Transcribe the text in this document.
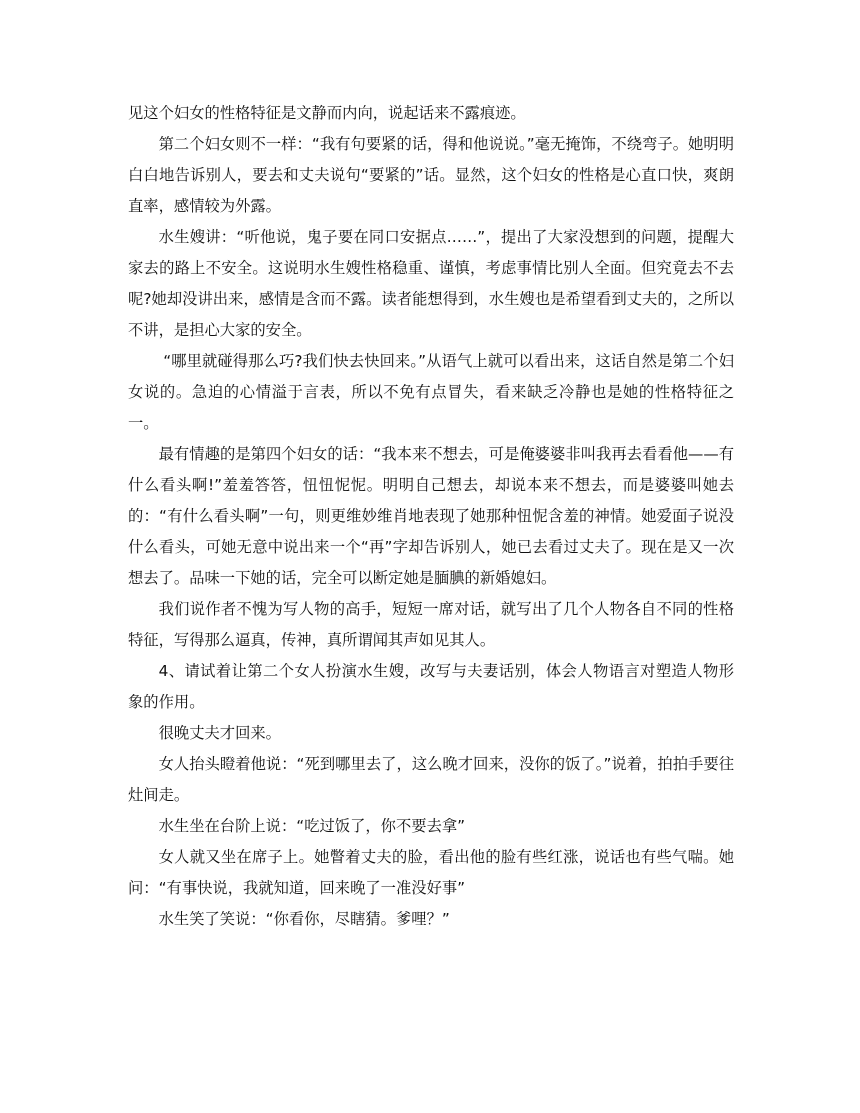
见这个妇女的性格特征是文静而内向，说起话来不露痕迹。

第二个妇女则不一样：“我有句要紧的话，得和他说说。”毫无掩饰，不绕弯子。她明明白白地告诉别人，要去和丈夫说句“要紧的”话。显然，这个妇女的性格是心直口快，爽朗直率，感情较为外露。

水生嫂讲：“听他说，鬼子要在同口安据点……”，提出了大家没想到的问题，提醒大家去的路上不安全。这说明水生嫂性格稳重、谨慎，考虑事情比别人全面。但究竟去不去呢?她却没讲出来，感情是含而不露。读者能想得到，水生嫂也是希望看到丈夫的，之所以不讲，是担心大家的安全。

“哪里就碰得那么巧?我们快去快回来。”从语气上就可以看出来，这话自然是第二个妇女说的。急迫的心情溢于言表，所以不免有点冒失，看来缺乏冷静也是她的性格特征之一。

最有情趣的是第四个妇女的话：“我本来不想去，可是俺婆婆非叫我再去看看他——有什么看头啊!”羞羞答答，忸忸怩怩。明明自己想去，却说本来不想去，而是婆婆叫她去的：“有什么看头啊”一句，则更维妙维肖地表现了她那种忸怩含羞的神情。她爱面子说没什么看头，可她无意中说出来一个“再”字却告诉别人，她已去看过丈夫了。现在是又一次想去了。品味一下她的话，完全可以断定她是腼腆的新婚媳妇。

我们说作者不愧为写人物的高手，短短一席对话，就写出了几个人物各自不同的性格特征，写得那么逼真，传神，真所谓闻其声如见其人。

4、请试着让第二个女人扮演水生嫂，改写与夫妻话别，体会人物语言对塑造人物形象的作用。

很晚丈夫才回来。

女人抬头瞪着他说：“死到哪里去了，这么晚才回来，没你的饭了。”说着，拍拍手要往灶间走。

水生坐在台阶上说：“吃过饭了，你不要去拿”

女人就又坐在席子上。她瞥着丈夫的脸，看出他的脸有些红涨，说话也有些气喘。她问：“有事快说，我就知道，回来晚了一准没好事”

水生笑了笑说：“你看你，尽瞎猜。爹哩？”
